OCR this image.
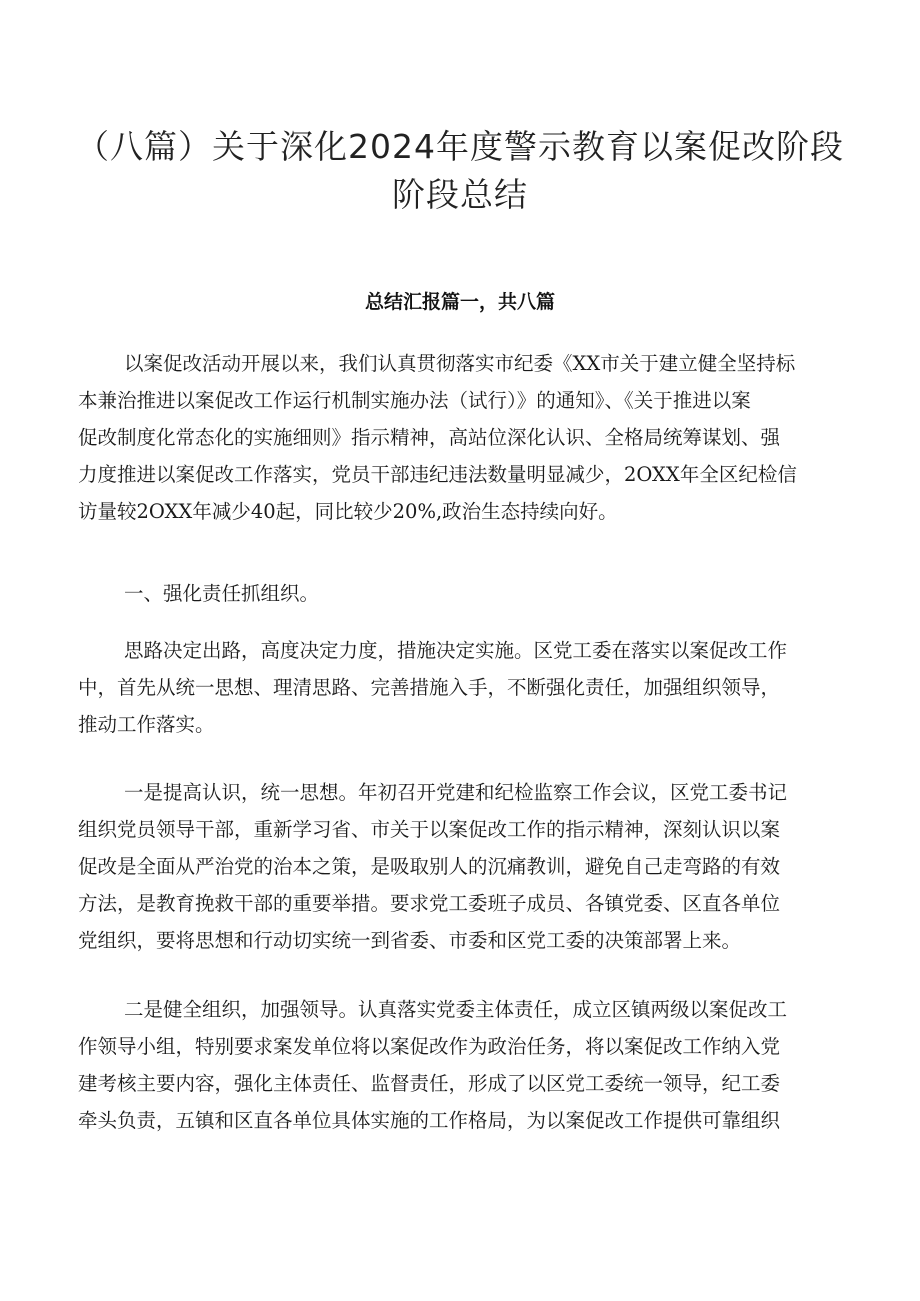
（八篇）关于深化2024年度警示教育以案促改阶段
阶段总结
总结汇报篇一，共八篇
以案促改活动开展以来，我们认真贯彻落实市纪委《XX市关于建立健全坚持标
本兼治推进以案促改工作运行机制实施办法（试行）》的通知》、《关于推进以案
促改制度化常态化的实施细则》指示精神，高站位深化认识、全格局统筹谋划、强
力度推进以案促改工作落实，党员干部违纪违法数量明显减少，2OXX年全区纪检信
访量较2OXX年减少40起，同比较少20%,政治生态持续向好。
一、强化责任抓组织。
思路决定出路，高度决定力度，措施决定实施。区党工委在落实以案促改工作
中，首先从统一思想、理清思路、完善措施入手，不断强化责任，加强组织领导，
推动工作落实。
一是提高认识，统一思想。年初召开党建和纪检监察工作会议，区党工委书记
组织党员领导干部，重新学习省、市关于以案促改工作的指示精神，深刻认识以案
促改是全面从严治党的治本之策，是吸取别人的沉痛教训，避免自己走弯路的有效
方法，是教育挽救干部的重要举措。要求党工委班子成员、各镇党委、区直各单位
党组织，要将思想和行动切实统一到省委、市委和区党工委的决策部署上来。
二是健全组织，加强领导。认真落实党委主体责任，成立区镇两级以案促改工
作领导小组，特别要求案发单位将以案促改作为政治任务，将以案促改工作纳入党
建考核主要内容，强化主体责任、监督责任，形成了以区党工委统一领导，纪工委
牵头负责，五镇和区直各单位具体实施的工作格局，为以案促改工作提供可靠组织
